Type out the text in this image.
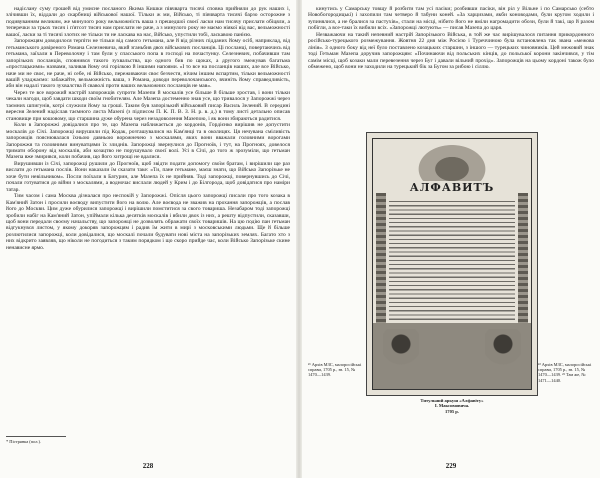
надіслану суму грошей від умисне посланого Якима Кишки півчварта тисячі сповна прийняли до рук наших і, злічивши їх, віддали до скарбниці військової нашої. Тільки ж ми, Військо, ті півчварта тисячі барзо осторожне з подивуванням великим, же минулого року вельможність ваша з прешедшої своєї ласки нам тисячу прислати обіцяли, а теперечки за трьох тисяч і п'ятсот тисяч нам прислати не раче, а з минулого року не маємо ніякої від вас, вельможності вашої, ласки за ті тисячі злотих не тільки ти не ласкава на нас, Військо, упустили тобі, ласкавою панією.

Запорожцям доводилося терпіти не тільки від самого гетьмана, але й від різних підданих йому осіб, наприклад, від гетьманського довіреного Романа Селезневича, який зганьбив двох військових посланців. Ці посланці, повертаючись від гетьмана, заїхали в Переволочну і там були у спасського попа в господі на почастунку. Селезневич, побачивши там запорізьких посланців, сповнився такого зухвальства, що одного бив по щоках, а другого змежував багатьма «простацькими» назвами, заливав йому очі горілкою й іншими напоями. «І то все на посланців наших, але все Військо, наче ми не своє, не раче, ні себе, ні Військо, переживаючи своє безчестя, нічим іншим вспартим, тільки вельможності вашій уладжаємо: забажайте, вельможність ваша, з Романа, доводи переволочанського, вчиніть йому справедливість, аби він надалі такого зухвалства й сваволі проти ваших вельможних посланців не мав».

Через те все ворожий настрій запорожців супроти Мазепи й москалів усе більше й більше зростав, і вони тільки чекали нагоди, щоб завдати шкоди своїм гнобителям. Але Мазепа достеменно знав усе, що тривалося у Запорожжі через таємних шпигунів, котрі служили йому за гроші. Таким був запорізький військовий писар Василь Зелений. В середині вересня Зелений надіслав таємного листа Мазепі (з підписом П. К. П. В. З. Н. р. в. д.) в тому листі детально описав становище при кошовому, що старшина дуже обурена через незадоволення Мазепою, і як вони збираються радитися.

Коли в Запорожжі довідалися про те, що Мазепа наближається до кордонів, Гордієнко вирішив не допустити москалів до Січі. Запорожці вирушили під Кодак, розташувалися на Кам'янці та в околицях. Ця нечувана сміливість запорожців пояснювалася їхньою давньою ворожнечею з москалями, яких вони вважали головними ворогами Запорожжя та головними винуватцями їх злиднів. Запорожці звернулися до Прогноїв, і тут, на Прогноях, довелося тримати оборону від москалів, аби козацтво не порушувало своєї волі. Усі в Січі, до того ж зрозуміли, що гетьман Мазепа вже змирився, коли побачив, що його хитрощі не вдалися.

Вирушивши із Січі, запорожці рушили до Прогноїв, щоб звідти подати допомогу своїм братам, і вирішили ще раз вислати до гетьмана послів. Вони наказали їм сказати таке: «Ти, пане гетьмане, маєш знати, що Військо Запорізьке не хоче бути невільником». Посли поїхали в Батурин, але Мазепа їх не прийняв. Тоді запорожці, повернувшись до Січі, почали готуватися до війни з москалями, а водночас вислали людей у Крим і до Білгорода, щоб довідатися про наміри татар.

Тим часом і сама Москва дізналася про неспокій у Запорожжі. Опісля цього запорожці писали про того козака в Кам'яний Затон і просили воєводу випустити його на волю. Але воєвода не зважив на прохання запорожців, а послав його до Москви. Цим дуже обурилися запорожці і вирішили помститися за свого товариша. Незабаром тоді запорожці зробили набіг на Кам'яний Затон, упіймали кілька десятків москалів і вбили двох із них, а решту відпустили, сказавши, щоб вони передали своєму начальству, що запорожці не дозволять ображати своїх товаришів. На цю подію пан гетьман відгукнувся листом, у якому докоряв запорожцям і радив їм жити в мирі з московськими людьми. Ще й більше розлютилися запорожці, коли довідалися, що москалі почали будувати нові міста на запорізьких землях. Багато хто з них відкрито заявляв, що ніколи не погодиться з таким порядком і що скоро прийде час, коли Військо Запорізьке скине ненависне ярмо.

* Пістрянка (пол.).

228

кинутись у Самарську товщу й розбити там усі пасіки; розбивши пасіки, він ріл у Вільне і по Самарсько (себто Новобогородицькі) і захопили там четверо й табуни коней. «За харцизами, якби коноводами, були кругом ходили і зупинялися, а не бралися за пастухів», стали на місці, нібито його не вміли нагромадити обози, були й такі, що й разом побігли, а все-таки їх вибили всіх. «Запорожці лютують» — писав Мазепа до царя.

Незважаючи на такий непевний настрій Запорізького Війська, в той же час вирішувалося питання прикордонного російсько-турецького розмежування. Жовтня 22 дня між Росією і Туреччиною була встановлена так звана «межова лінія». З одного боку від неї було поставлено козацьких старшин, з іншого — турецьких чиновників. Цей межовий знак тоді Гетьман Мазепа доручив запорожцям: «Починаючи від польських кінців, до польської корони закінчився, у тім самім місці, щоб козаки мали перевезення через Буг і давали вільний прохід». Запорожців на цьому кордоні також було обмежено, щоб вони не заходили на турецький бік за Бугом за рибою і сіллю.

АЛФАВИТЪ

²¹ Архів МЗС, малоросійські справи, 1705 р., зв. 15, № 1470—1439.

Титульний аркуш «Алфавіту»
І. Максимовича.
1705 р.

²² Архів МЗС, малоросійські справи, 1705 р., зв. 15, № 1470—1439. ²³ Там же, № 1471—1440.

229
